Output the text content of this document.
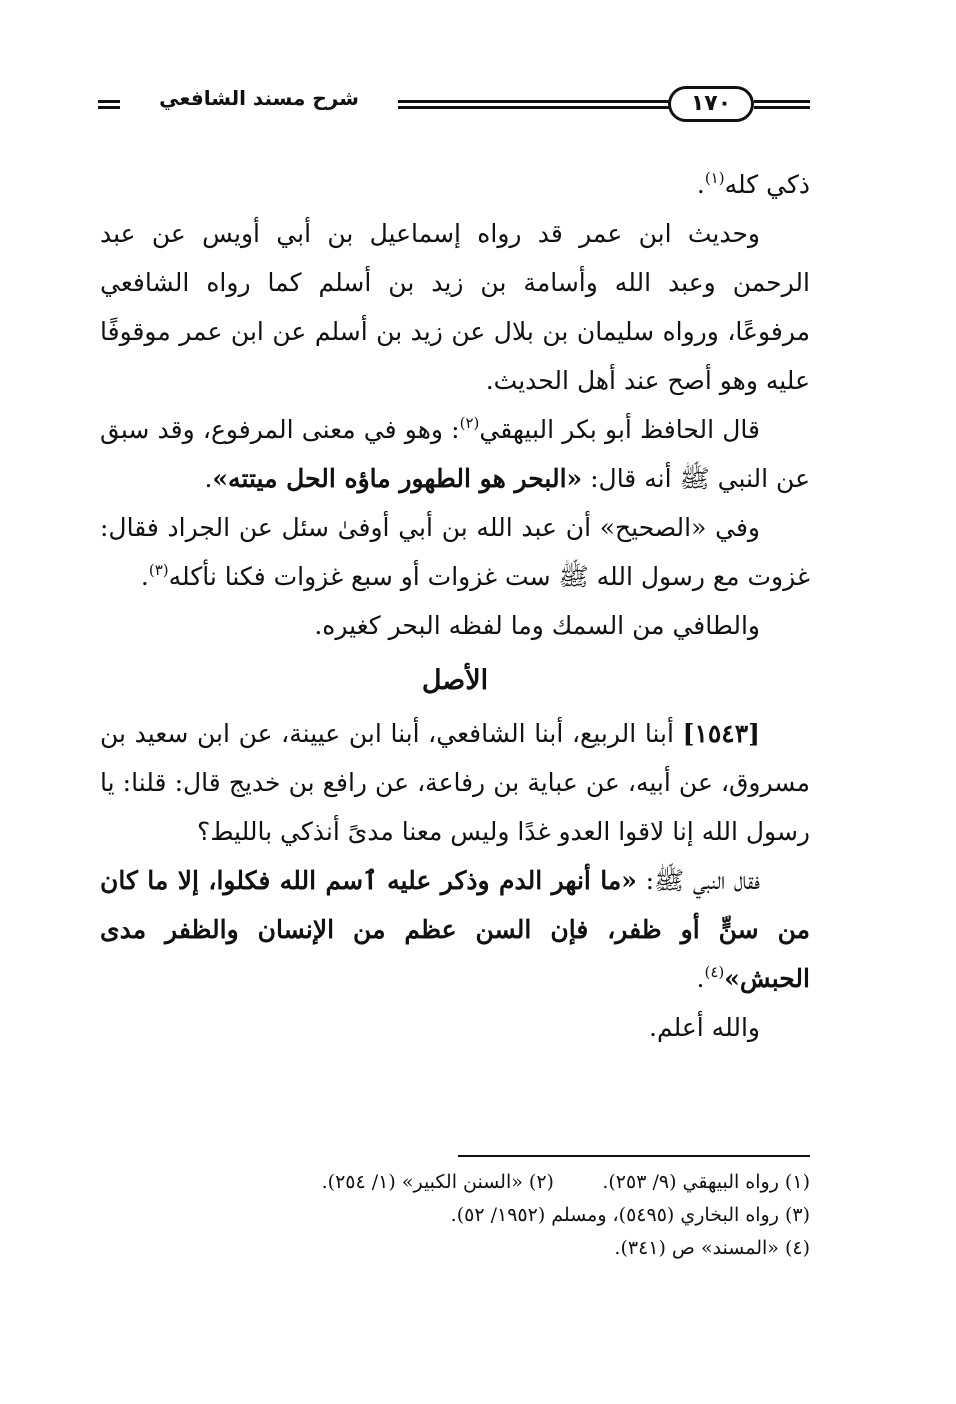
شرح مسند الشافعي	١٧٠

ذكي كله$^{(١)}$.

وحديث ابن عمر قد رواه إسماعيل بن أبي أويس عن عبد الرحمن وعبد الله وأسامة بن زيد بن أسلم كما رواه الشافعي مرفوعًا، ورواه سليمان بن بلال عن زيد بن أسلم عن ابن عمر موقوفًا عليه وهو أصح عند أهل الحديث.

قال الحافظ أبو بكر البيهقي$^{(٢)}$: وهو في معنى المرفوع، وقد سبق عن النبي ﷺ أنه قال: «البحر هو الطهور ماؤه الحل ميتته».

وفي «الصحيح» أن عبد الله بن أبي أوفىٰ سئل عن الجراد فقال: غزوت مع رسول الله ﷺ ست غزوات أو سبع غزوات فكنا نأكله$^{(٣)}$.

والطافي من السمك وما لفظه البحر كغيره.

الأصل

[١٥٤٣] أبنا الربيع، أبنا الشافعي، أبنا ابن عيينة، عن ابن سعيد بن مسروق، عن أبيه، عن عباية بن رفاعة، عن رافع بن خديج قال: قلنا: يا رسول الله إنا لاقوا العدو غدًا وليس معنا مدىً أنذكي بالليط؟

فقال النبي ﷺ: «ما أنهر الدم وذكر عليه ٱسم الله فكلوا، إلا ما كان من سنٍّ أو ظفر، فإن السن عظم من الإنسان والظفر مدى الحبش»$^{(٤)}$.

والله أعلم.

(١) رواه البيهقي (٩/ ٢٥٣). (٢) «السنن الكبير» (١/ ٢٥٤).
(٣) رواه البخاري (٥٤٩٥)، ومسلم (١٩٥٢/ ٥٢).
(٤) «المسند» ص (٣٤١).
